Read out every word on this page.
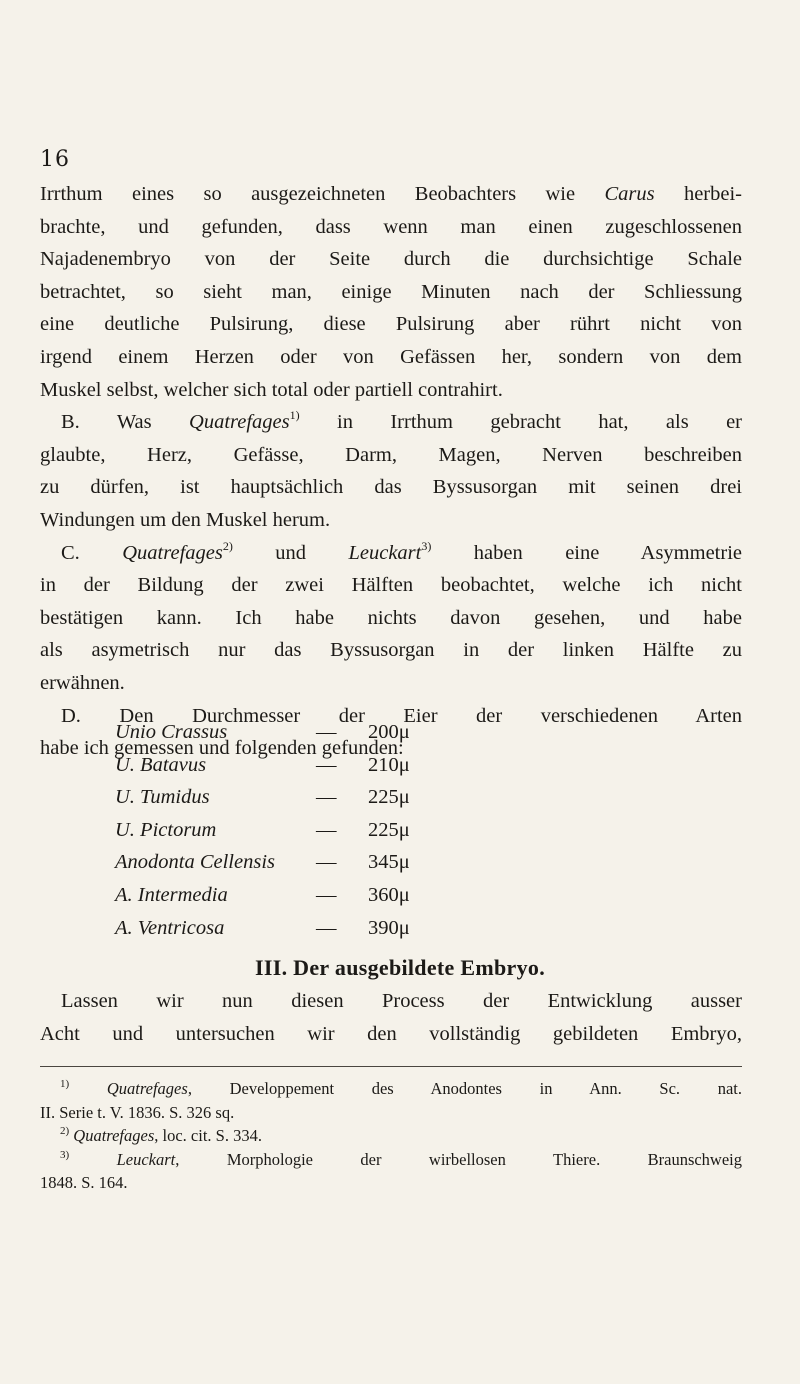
16

Irrthum eines so ausgezeichneten Beobachters wie Carus herbei-
brachte, und gefunden, dass wenn man einen zugeschlossenen
Najadenembryo von der Seite durch die durchsichtige Schale
betrachtet, so sieht man, einige Minuten nach der Schliessung
eine deutliche Pulsirung, diese Pulsirung aber rührt nicht von
irgend einem Herzen oder von Gefässen her, sondern von dem
Muskel selbst, welcher sich total oder partiell contrahirt.

B. Was Quatrefages$^{1)}$ in Irrthum gebracht hat, als er
glaubte, Herz, Gefässe, Darm, Magen, Nerven beschreiben
zu dürfen, ist hauptsächlich das Byssusorgan mit seinen drei
Windungen um den Muskel herum.

C. Quatrefages$^{2)}$ und Leuckart$^{3)}$ haben eine Asymmetrie
in der Bildung der zwei Hälften beobachtet, welche ich nicht
bestätigen kann. Ich habe nichts davon gesehen, und habe
als asymetrisch nur das Byssusorgan in der linken Hälfte zu
erwähnen.

D. Den Durchmesser der Eier der verschiedenen Arten
habe ich gemessen und folgenden gefunden:

Unio Crassus	— 200μ
U. Batavus	— 210μ
U. Tumidus	— 225μ
U. Pictorum	— 225μ
Anodonta Cellensis — 345μ
A. Intermedia	— 360μ
A. Ventricosa	— 390μ
III. Der ausgebildete Embryo.
Lassen wir nun diesen Process der Entwicklung ausser
Acht und untersuchen wir den vollständig gebildeten Embryo,
$^{1)}$ Quatrefages, Developpement des Anodontes in Ann. Sc. nat.
II. Serie t. V. 1836. S. 326 sq.
$^{2)}$ Quatrefages, loc. cit. S. 334.
$^{3)}$	Leuckart, Morphologie der wirbellosen Thiere. Braunschweig
1848. S. 164.
